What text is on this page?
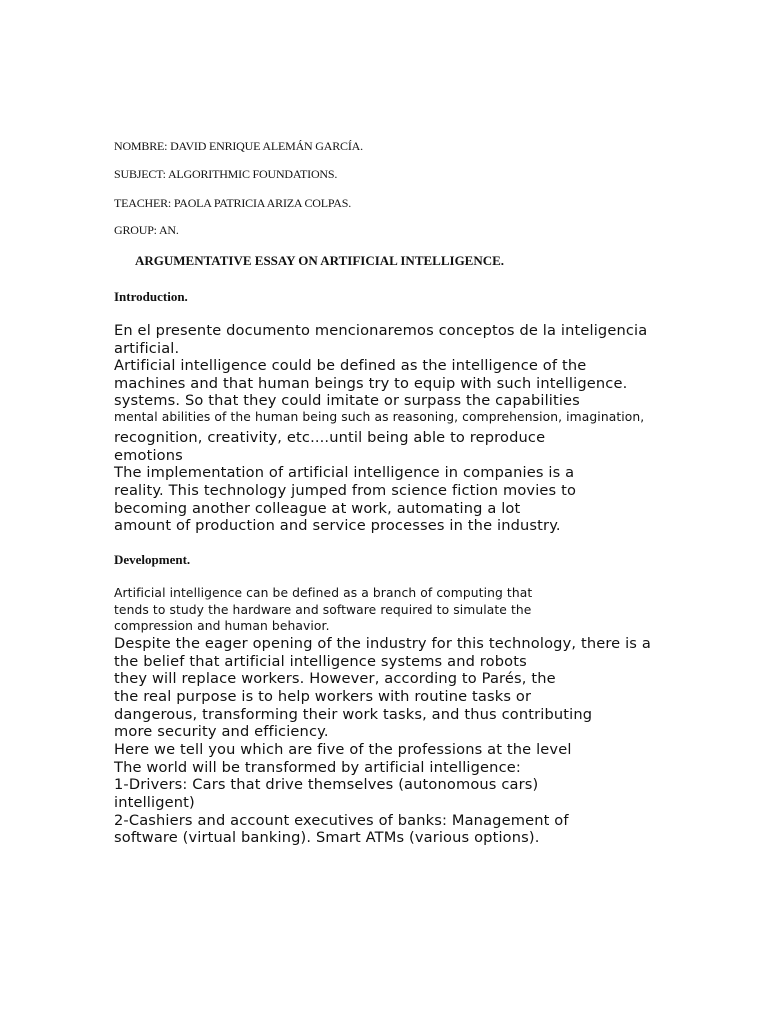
NOMBRE: DAVID ENRIQUE ALEMÁN GARCÍA.
SUBJECT: ALGORITHMIC FOUNDATIONS.
TEACHER: PAOLA PATRICIA ARIZA COLPAS.
GROUP: AN.
ARGUMENTATIVE ESSAY ON ARTIFICIAL INTELLIGENCE.
Introduction.
En el presente documento mencionaremos conceptos de la inteligencia
artificial.
Artificial intelligence could be defined as the intelligence of the
machines and that human beings try to equip with such intelligence.
systems. So that they could imitate or surpass the capabilities
mental abilities of the human being such as reasoning, comprehension, imagination,
recognition, creativity, etc....until being able to reproduce
emotions
The implementation of artificial intelligence in companies is a
reality. This technology jumped from science fiction movies to
becoming another colleague at work, automating a lot
amount of production and service processes in the industry.
Development.
Artificial intelligence can be defined as a branch of computing that
tends to study the hardware and software required to simulate the
compression and human behavior.
Despite the eager opening of the industry for this technology, there is a
the belief that artificial intelligence systems and robots
they will replace workers. However, according to Parés, the
the real purpose is to help workers with routine tasks or
dangerous, transforming their work tasks, and thus contributing
more security and efficiency.
Here we tell you which are five of the professions at the level
The world will be transformed by artificial intelligence:
1-Drivers: Cars that drive themselves (autonomous cars)
intelligent)
2-Cashiers and account executives of banks: Management of
software (virtual banking). Smart ATMs (various options).
